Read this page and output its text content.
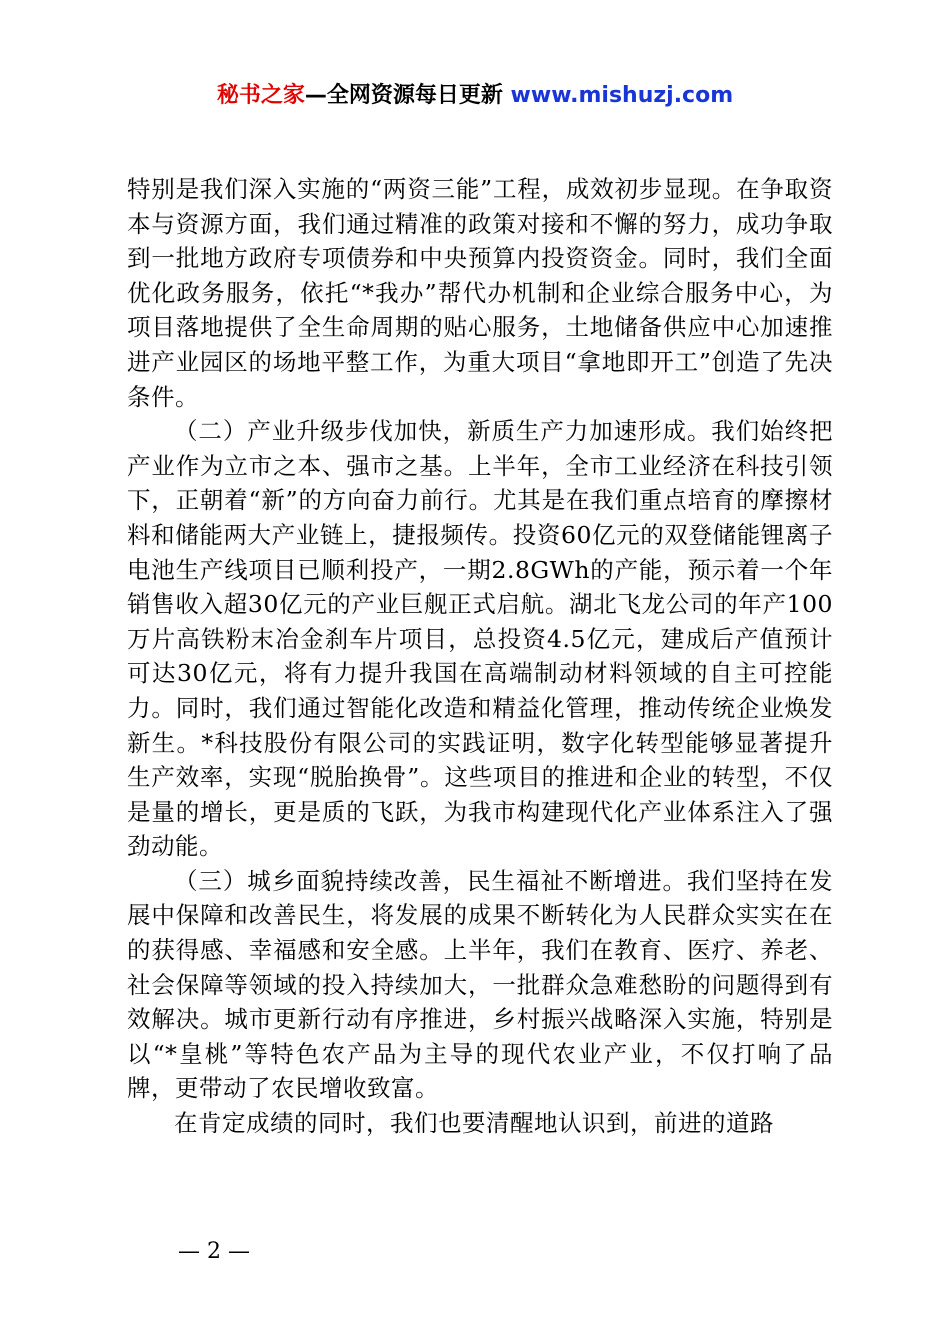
秘书之家—全网资源每日更新 www.mishuzj.com

特别是我们深入实施的“两资三能”工程，成效初步显现。在争取资本与资源方面，我们通过精准的政策对接和不懈的努力，成功争取到一批地方政府专项债券和中央预算内投资资金。同时，我们全面优化政务服务，依托“*我办”帮代办机制和企业综合服务中心，为项目落地提供了全生命周期的贴心服务，土地储备供应中心加速推进产业园区的场地平整工作，为重大项目“拿地即开工”创造了先决条件。

（二）产业升级步伐加快，新质生产力加速形成。我们始终把产业作为立市之本、强市之基。上半年，全市工业经济在科技引领下，正朝着“新”的方向奋力前行。尤其是在我们重点培育的摩擦材料和储能两大产业链上，捷报频传。投资60亿元的双登储能锂离子电池生产线项目已顺利投产，一期2.8GWh的产能，预示着一个年销售收入超30亿元的产业巨舰正式启航。湖北飞龙公司的年产100万片高铁粉末冶金刹车片项目，总投资4.5亿元，建成后产值预计可达30亿元，将有力提升我国在高端制动材料领域的自主可控能力。同时，我们通过智能化改造和精益化管理，推动传统企业焕发新生。*科技股份有限公司的实践证明，数字化转型能够显著提升生产效率，实现“脱胎换骨”。这些项目的推进和企业的转型，不仅是量的增长，更是质的飞跃，为我市构建现代化产业体系注入了强劲动能。

（三）城乡面貌持续改善，民生福祉不断增进。我们坚持在发展中保障和改善民生，将发展的成果不断转化为人民群众实实在在的获得感、幸福感和安全感。上半年，我们在教育、医疗、养老、社会保障等领域的投入持续加大，一批群众急难愁盼的问题得到有效解决。城市更新行动有序推进，乡村振兴战略深入实施，特别是以“*皇桃”等特色农产品为主导的现代农业产业，不仅打响了品牌，更带动了农民增收致富。

在肯定成绩的同时，我们也要清醒地认识到，前进的道路

— 2 —
